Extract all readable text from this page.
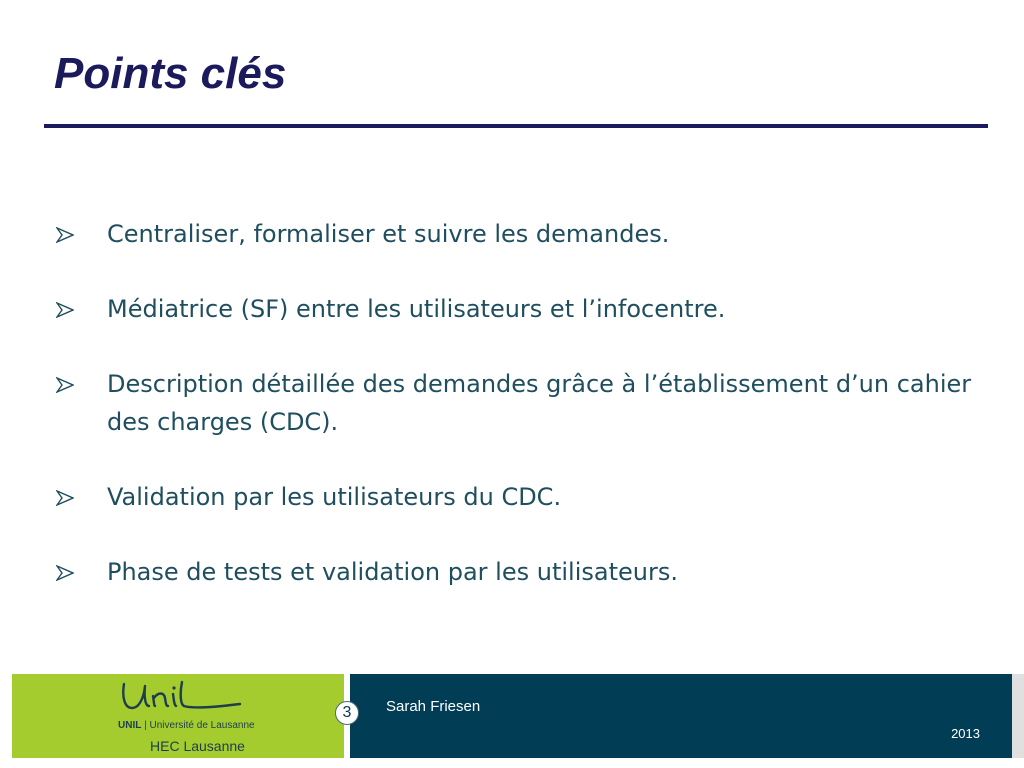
Points clés
Centraliser, formaliser et suivre les demandes.
Médiatrice (SF) entre les utilisateurs et l’infocentre.
Description détaillée des demandes grâce à l’établissement d’un cahier des charges (CDC).
Validation par les utilisateurs du CDC.
Phase de tests et validation par les utilisateurs.
UNIL | Université de Lausanne
HEC Lausanne
3	Sarah Friesen
2013
